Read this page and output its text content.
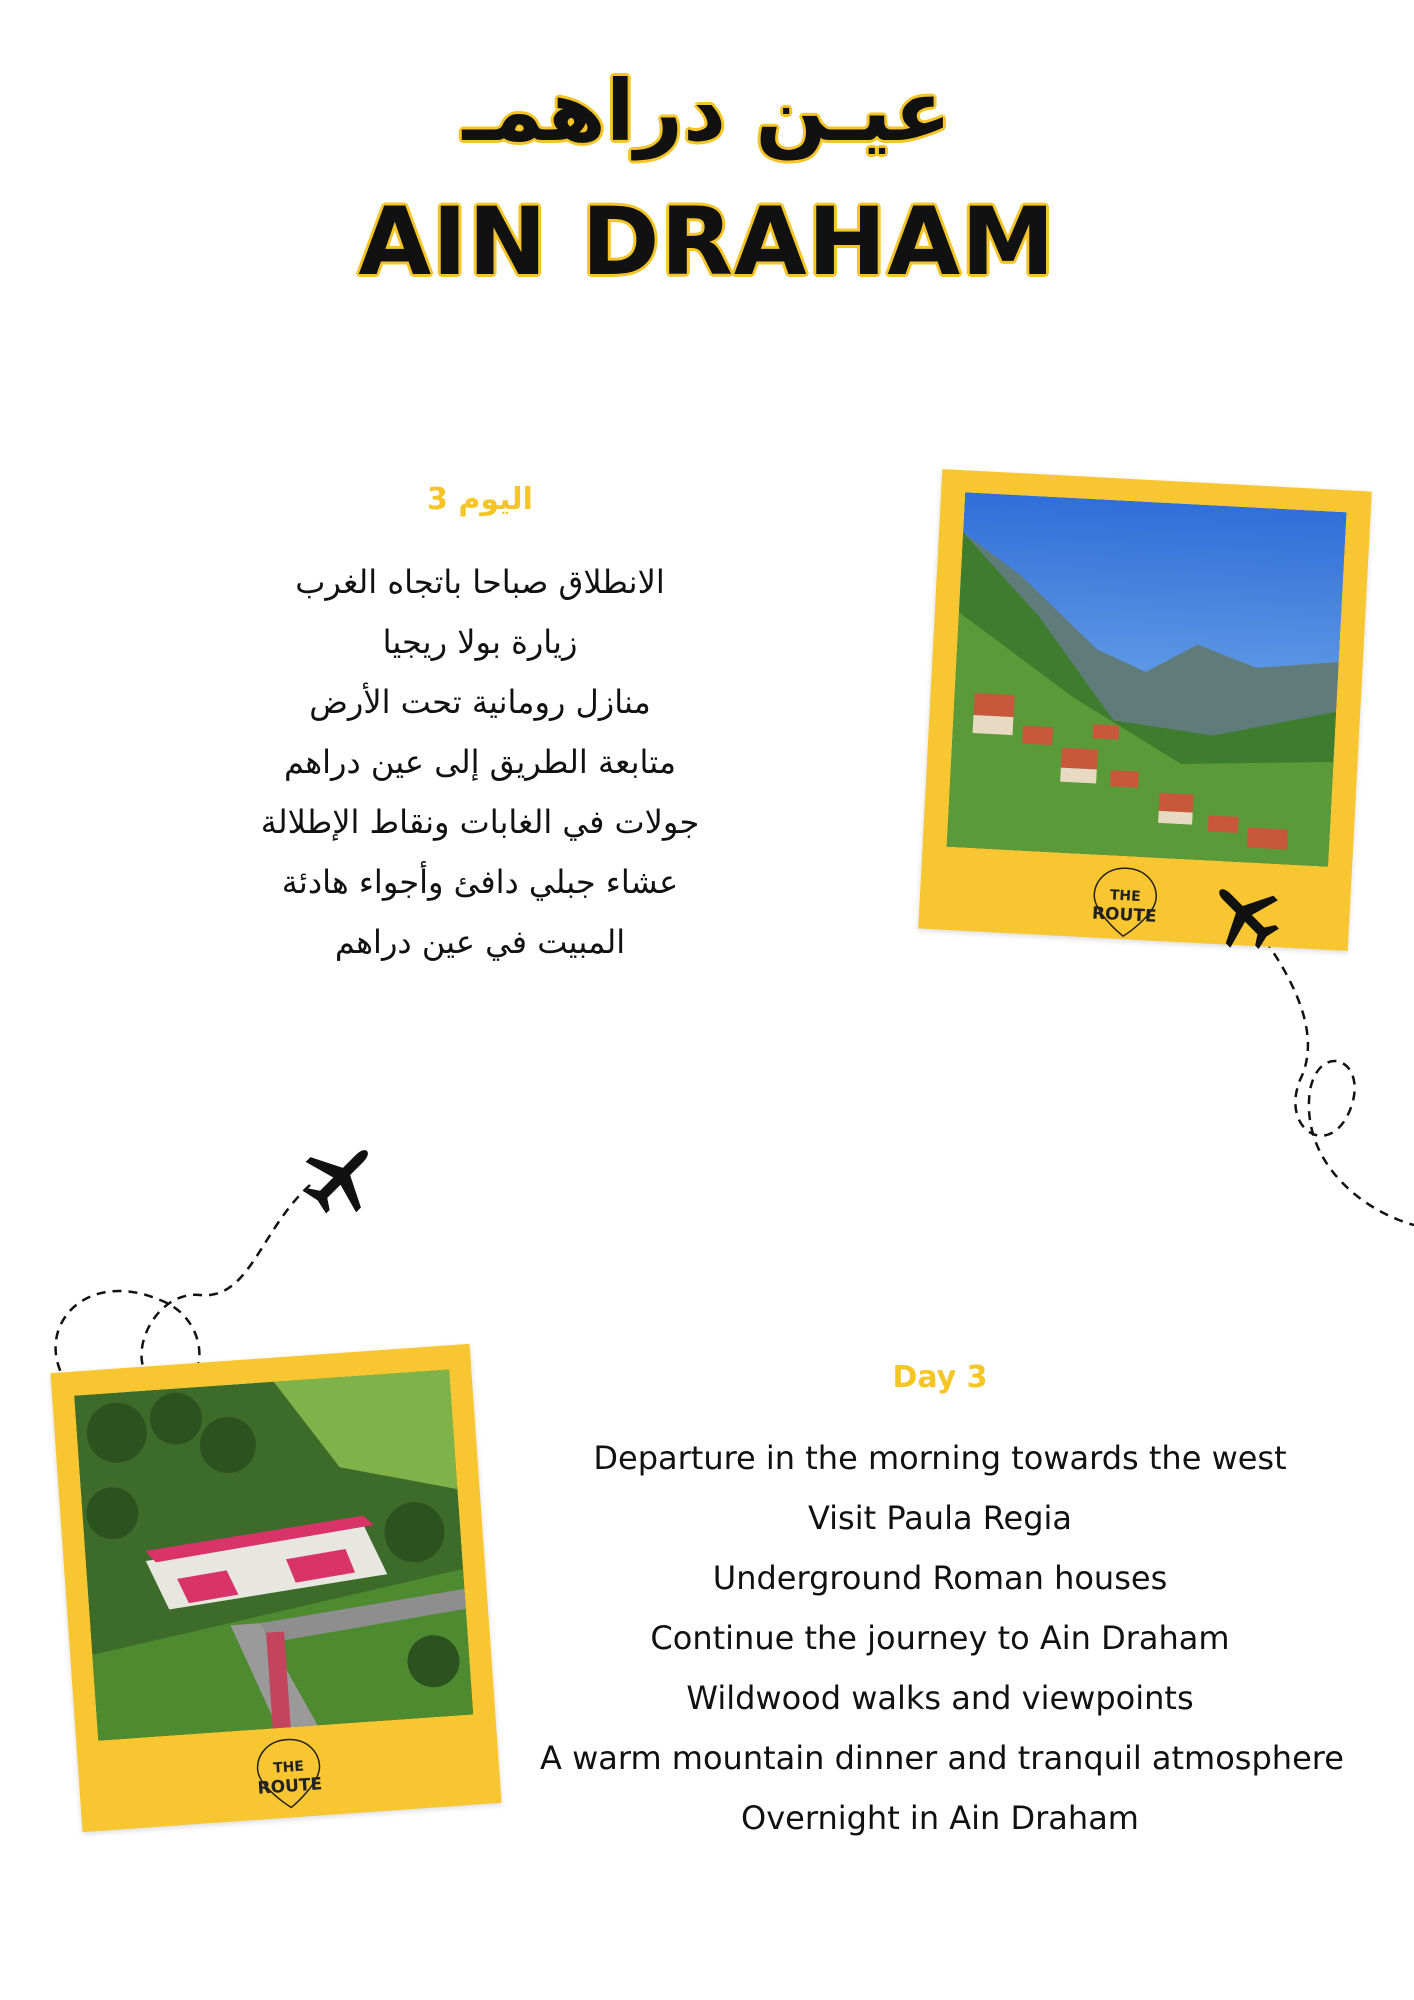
عيـن دراهمـ
AIN DRAHAM
اليوم 3
الانطلاق صباحا باتجاه الغرب
زيارة بولا ريجيا
منازل رومانية تحت الأرض
متابعة الطريق إلى عين دراهم
جولات في الغابات ونقاط الإطلالة
عشاء جبلي دافئ وأجواء هادئة
المبيت في عين دراهم
Day 3
Departure in the morning towards the west
Visit Paula Regia
Underground Roman houses
Continue the journey to Ain Draham
Wildwood walks and viewpoints
A warm mountain dinner and tranquil atmosphere
Overnight in Ain Draham
THE
ROUTE
THE
ROUTE
